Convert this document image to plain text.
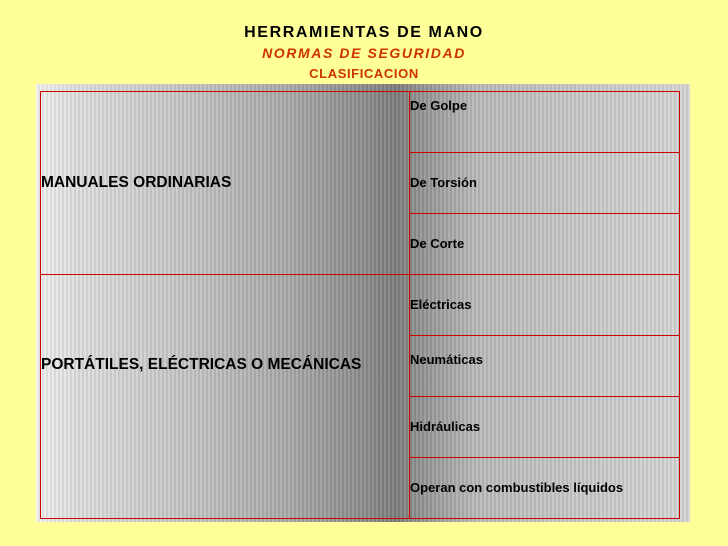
HERRAMIENTAS DE MANO
NORMAS DE SEGURIDAD
CLASIFICACION
MANUALES ORDINARIAS	De Golpe

	De Torsión

	De Corte

PORTÁTILES, ELÉCTRICAS O MECÁNICAS	Eléctricas

	Neumáticas

	Hidráulicas

	Operan con combustibles líquidos
